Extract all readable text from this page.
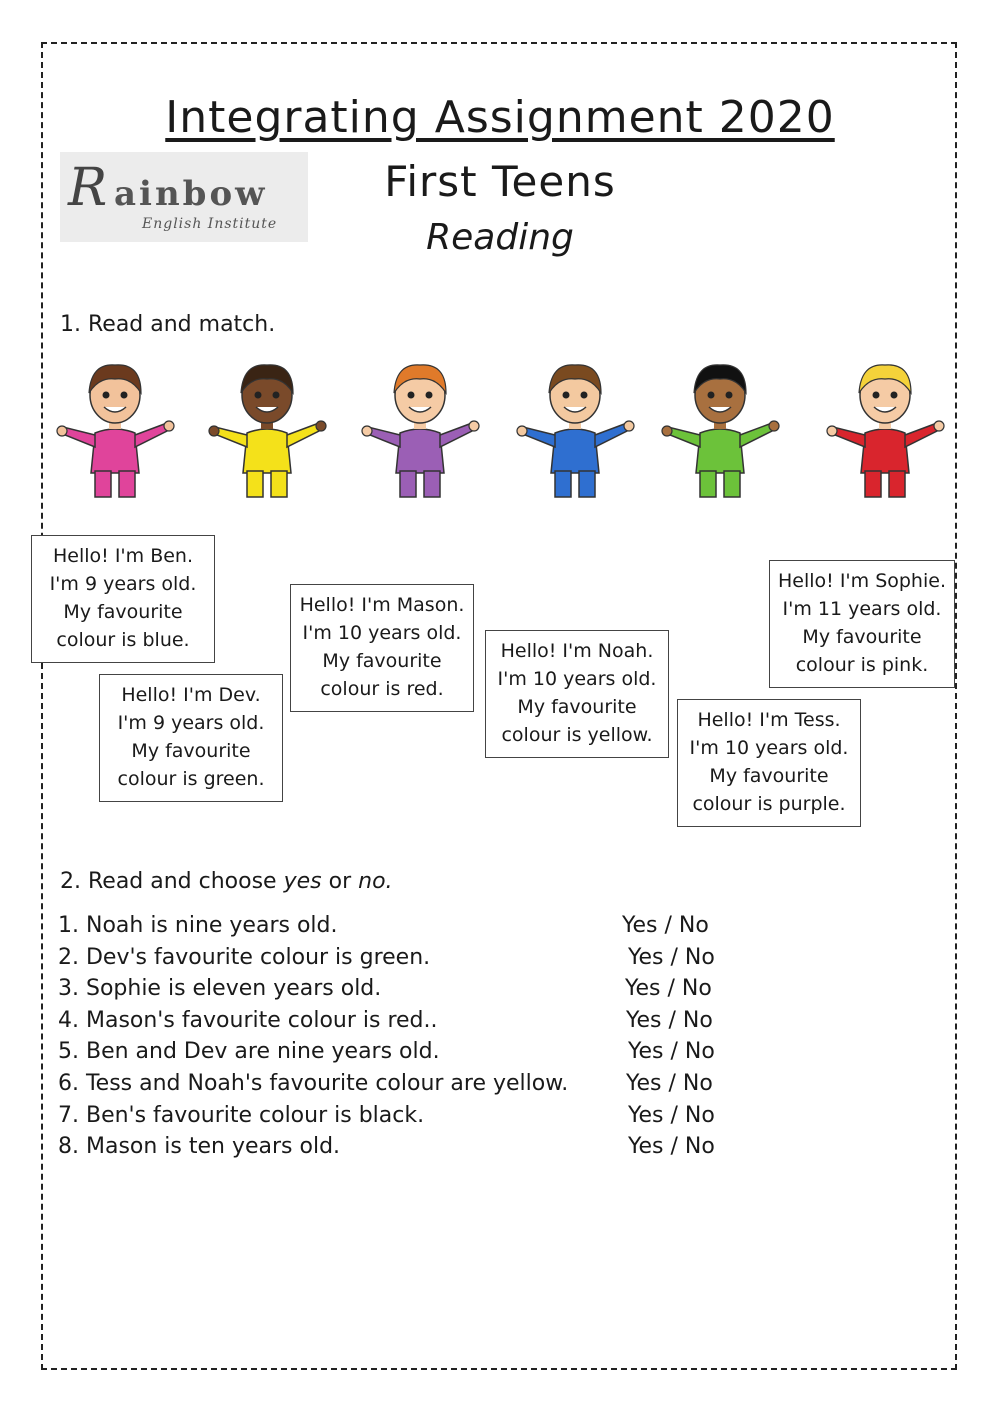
Integrating Assignment 2020
R ainbow
English Institute
First Teens
Reading
1. Read and match.
Hello! I'm Ben.
I'm 9 years old.
My favourite
colour is blue.
Hello! I'm Dev.
I'm 9 years old.
My favourite
colour is green.
Hello! I'm Mason.
I'm 10 years old.
My favourite
colour is red.
Hello! I'm Noah.
I'm 10 years old.
My favourite
colour is yellow.
Hello! I'm Tess.
I'm 10 years old.
My favourite
colour is purple.
Hello! I'm Sophie.
I'm 11 years old.
My favourite
colour is pink.
2. Read and choose yes or no.
1. Noah is nine years old.	Yes / No
2. Dev's favourite colour is green.	Yes / No
3. Sophie is eleven years old.	Yes / No
4. Mason's favourite colour is red..	Yes / No
5. Ben and Dev are nine years old.	Yes / No
6. Tess and Noah's favourite colour are yellow.	Yes / No
7. Ben's favourite colour is black.	Yes / No
8. Mason is ten years old.	Yes / No
